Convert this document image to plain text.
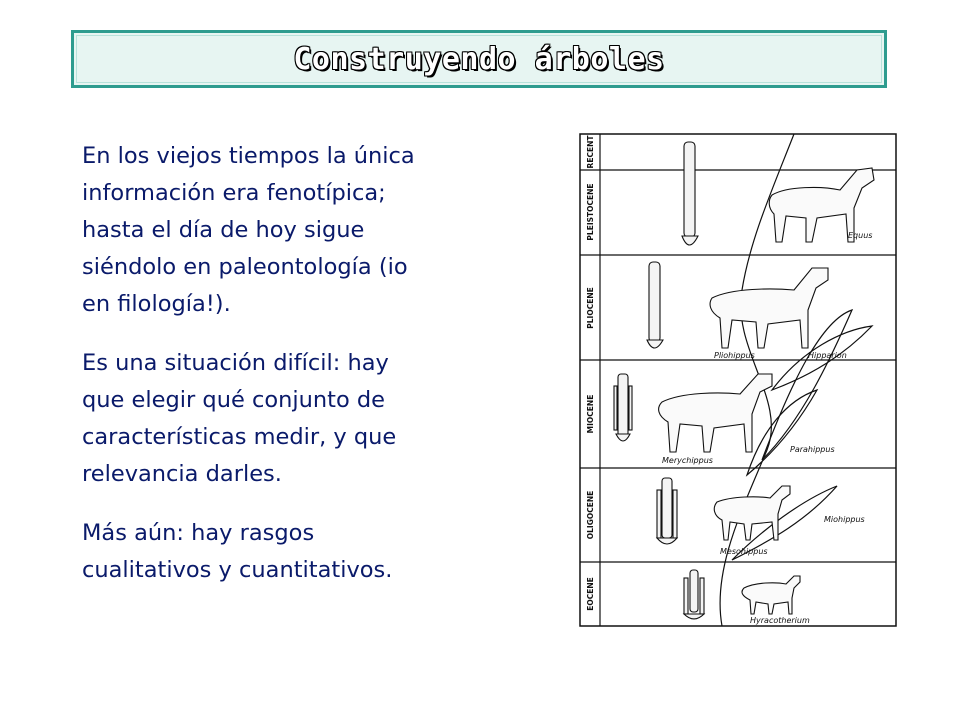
Construyendo árboles

En los viejos tiempos la única
información era fenotípica;
hasta el día de hoy sigue
siéndolo en paleontología (io
en filología!).

Es una situación difícil: hay
que elegir qué conjunto de
características medir, y que
relevancia darles.

Más aún: hay rasgos
cualitativos y cuantitativos.

RECENT
PLEISTOCENE
PLIOCENE
MIOCENE
OLIGOCENE
EOCENE
Equus
Pliohippus	Hipparion
Parahippus
Merychippus
Miohippus
Mesohippus
Hyracotherium
